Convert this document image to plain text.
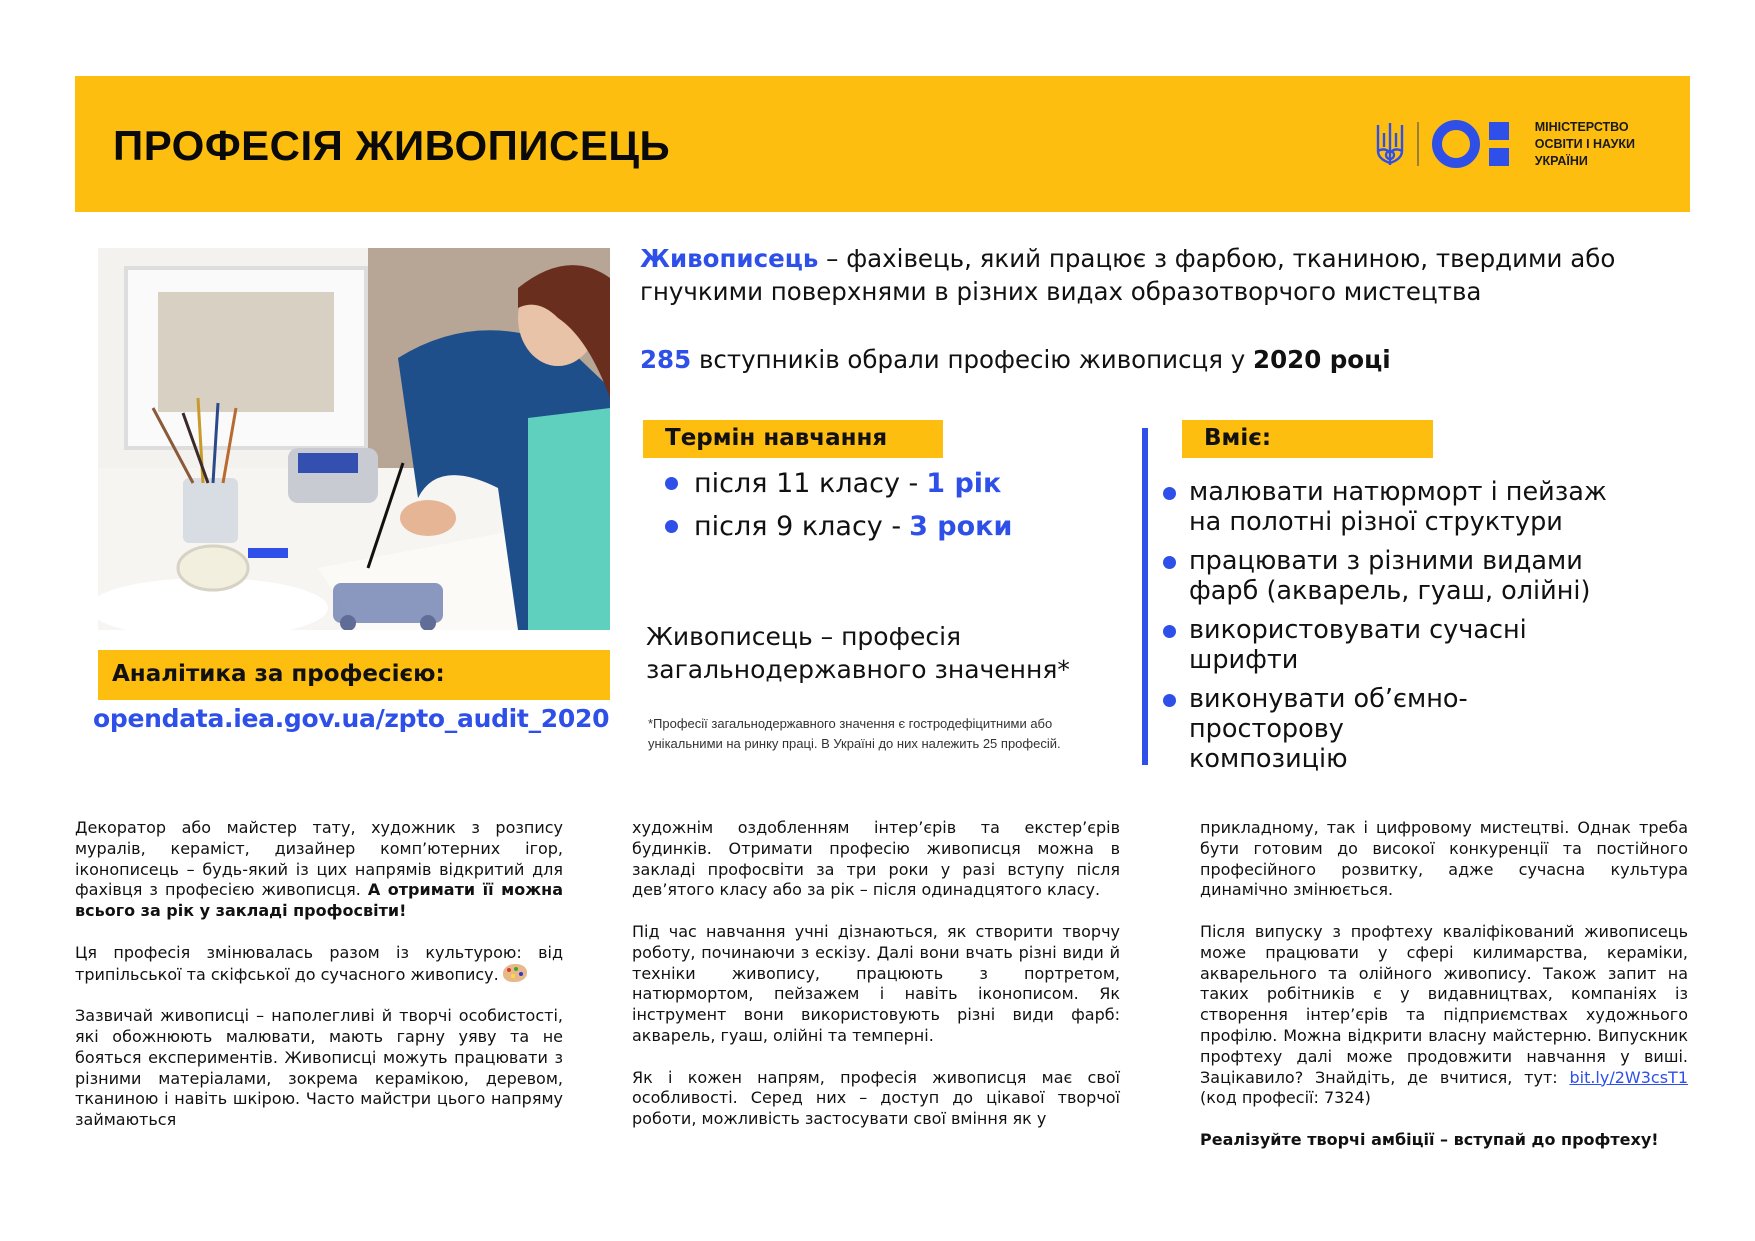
ПРОФЕСІЯ ЖИВОПИСЕЦЬ	МІНІСТЕРСТВО
ОСВІТИ І НАУКИ
УКРАЇНИ
Аналітика за професією:
opendata.iea.gov.ua/zpto_audit_2020
Живописець – фахівець, який працює з фарбою, тканиною, твердими або гнучкими поверхнями в різних видах образотворчого мистецтва
285 вступників обрали професію живописця у 2020 році
Термін навчання
після 11 класу - 1 рік
після 9 класу - 3 роки
Живописець – професія
загальнодержавного значення*
*Професії загальнодержавного значення є гостродефіцитними або
унікальними на ринку праці. В Україні до них належить 25 професій.
Вміє:
малювати натюрморт і пейзаж на полотні різної структури
працювати з різними видами фарб (акварель, гуаш, олійні)
використовувати сучасні шрифти
виконувати об’ємно-просторову композицію

Декоратор або майстер тату, художник з розпису муралів, кераміст, дизайнер комп’ютерних ігор, іконописець – будь-який із цих напрямів відкритий для фахівця з професією живописця. А отримати її можна всього за рік у закладі профосвіти!

Ця професія змінювалась разом із культурою: від трипільської та скіфської до сучасного живопису.

Зазвичай живописці – наполегливі й творчі особистості, які обожнюють малювати, мають гарну уяву та не бояться експериментів. Живописці можуть працювати з різними матеріалами, зокрема керамікою, деревом, тканиною і навіть шкірою. Часто майстри цього напряму займаються

художнім оздобленням інтер’єрів та екстер’єрів будинків. Отримати професію живописця можна в закладі профосвіти за три роки у разі вступу після дев’ятого класу або за рік – після одинадцятого класу.

Під час навчання учні дізнаються, як створити творчу роботу, починаючи з ескізу. Далі вони вчать різні види й техніки живопису, працюють з портретом, натюрмортом, пейзажем і навіть іконописом. Як інструмент вони використовують різні види фарб: акварель, гуаш, олійні та темперні.

Як і кожен напрям, професія живописця має свої особливості. Серед них – доступ до цікавої творчої роботи, можливість застосувати свої вміння як у

прикладному, так і цифровому мистецтві. Однак треба бути готовим до високої конкуренції та постійного професійного розвитку, адже сучасна культура динамічно змінюється.

Після випуску з профтеху кваліфікований живописець може працювати у сфері килимарства, кераміки, акварельного та олійного живопису. Також запит на таких робітників є у видавництвах, компаніях із створення інтер’єрів та підприємствах художнього профілю. Можна відкрити власну майстерню. Випускник профтеху далі може продовжити навчання у виші. Зацікавило? Знайдіть, де вчитися, тут: bit.ly/2W3csT1 (код професії: 7324)

Реалізуйте творчі амбіції – вступай до профтеху!
